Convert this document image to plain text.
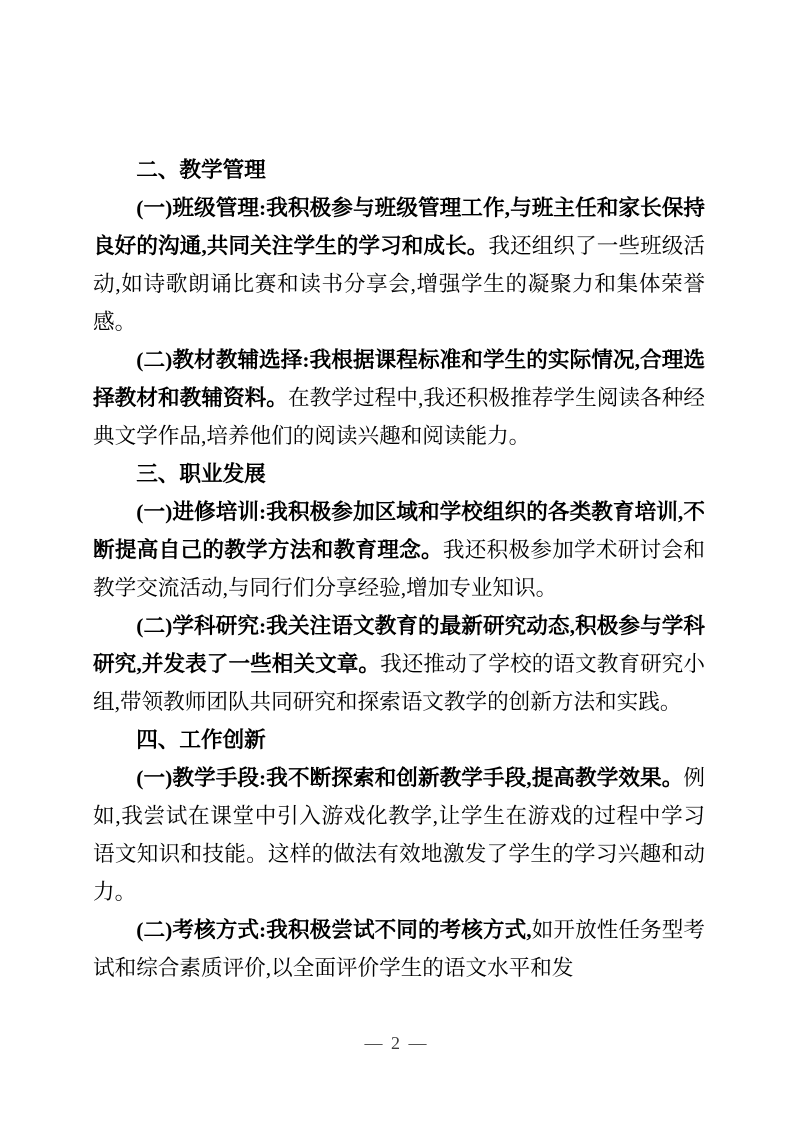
二、教学管理

(一)班级管理:我积极参与班级管理工作,与班主任和家长保持良好的沟通,共同关注学生的学习和成长。我还组织了一些班级活动,如诗歌朗诵比赛和读书分享会,增强学生的凝聚力和集体荣誉感。

(二)教材教辅选择:我根据课程标准和学生的实际情况,合理选择教材和教辅资料。在教学过程中,我还积极推荐学生阅读各种经典文学作品,培养他们的阅读兴趣和阅读能力。

三、职业发展

(一)进修培训:我积极参加区域和学校组织的各类教育培训,不断提高自己的教学方法和教育理念。我还积极参加学术研讨会和教学交流活动,与同行们分享经验,增加专业知识。

(二)学科研究:我关注语文教育的最新研究动态,积极参与学科研究,并发表了一些相关文章。我还推动了学校的语文教育研究小组,带领教师团队共同研究和探索语文教学的创新方法和实践。

四、工作创新

(一)教学手段:我不断探索和创新教学手段,提高教学效果。例如,我尝试在课堂中引入游戏化教学,让学生在游戏的过程中学习语文知识和技能。这样的做法有效地激发了学生的学习兴趣和动力。

(二)考核方式:我积极尝试不同的考核方式,如开放性任务型考试和综合素质评价,以全面评价学生的语文水平和发

— 2 —
